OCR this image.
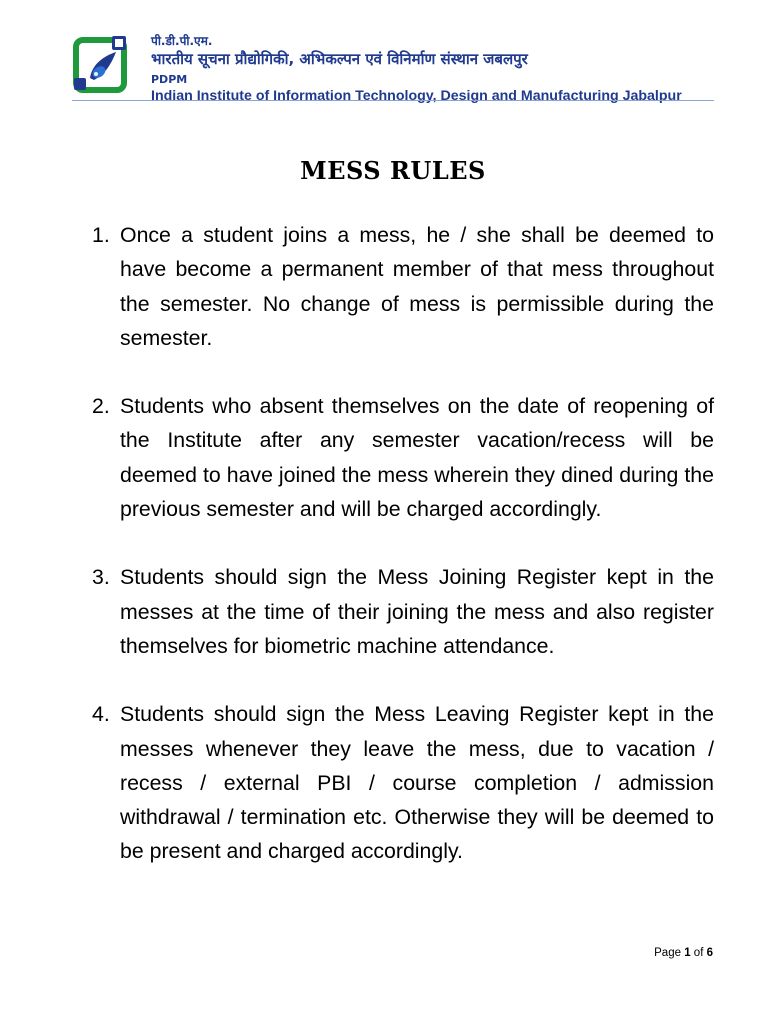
पी.डी.पी.एम.
भारतीय सूचना प्रौद्योगिकी, अभिकल्पन एवं विनिर्माण संस्थान जबलपुर
PDPM
Indian Institute of Information Technology, Design and Manufacturing Jabalpur
MESS RULES
1. Once a student joins a mess, he / she shall be deemed to have become a permanent member of that mess throughout the semester. No change of mess is permissible during the semester.
2. Students who absent themselves on the date of reopening of the Institute after any semester vacation/recess will be deemed to have joined the mess wherein they dined during the previous semester and will be charged accordingly.
3. Students should sign the Mess Joining Register kept in the messes at the time of their joining the mess and also register themselves for biometric machine attendance.
4. Students should sign the Mess Leaving Register kept in the messes whenever they leave the mess, due to vacation / recess / external PBI / course completion / admission withdrawal / termination etc. Otherwise they will be deemed to be present and charged accordingly.
Page 1 of 6
